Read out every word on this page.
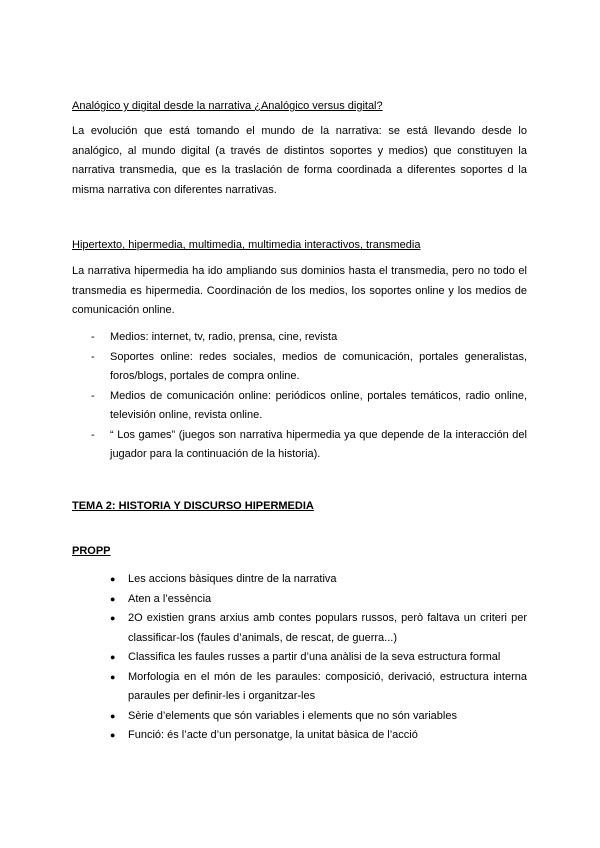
Analógico y digital desde la narrativa ¿Analógico versus digital?
La evolución que está tomando el mundo de la narrativa: se está llevando desde lo
analógico, al mundo digital (a través de distintos soportes y medios) que constituyen la
narrativa transmedia, que es la traslación de forma coordinada a diferentes soportes d la
misma narrativa con diferentes narrativas.
Hipertexto, hipermedia, multimedia, multimedia interactivos, transmedia
La narrativa hipermedia ha ido ampliando sus dominios hasta el transmedia, pero no todo el
transmedia es hipermedia. Coordinación de los medios, los soportes online y los medios de
comunicación online.
- Medios: internet, tv, radio, prensa, cine, revista
- Soportes online: redes sociales, medios de comunicación, portales generalistas,
foros/blogs, portales de compra online.
- Medios de comunicación online: periódicos online, portales temáticos, radio online,
televisión online, revista online.
- “ Los games” (juegos son narrativa hipermedia ya que depende de la interacción del
jugador para la continuación de la historia).
TEMA 2: HISTORIA Y DISCURSO HIPERMEDIA
PROPP
● Les accions bàsiques dintre de la narrativa
● Aten a l’essència
● 2O existien grans arxius amb contes populars russos, però faltava un criteri per
classificar-los (faules d’animals, de rescat, de guerra...)
● Classifica les faules russes a partir d’una anàlisi de la seva estructura formal
● Morfologia en el món de les paraules: composició, derivació, estructura interna
paraules per definir-les i organitzar-les
● Sèrie d’elements que són variables i elements que no són variables
● Funció: és l’acte d’un personatge, la unitat bàsica de l’acció
